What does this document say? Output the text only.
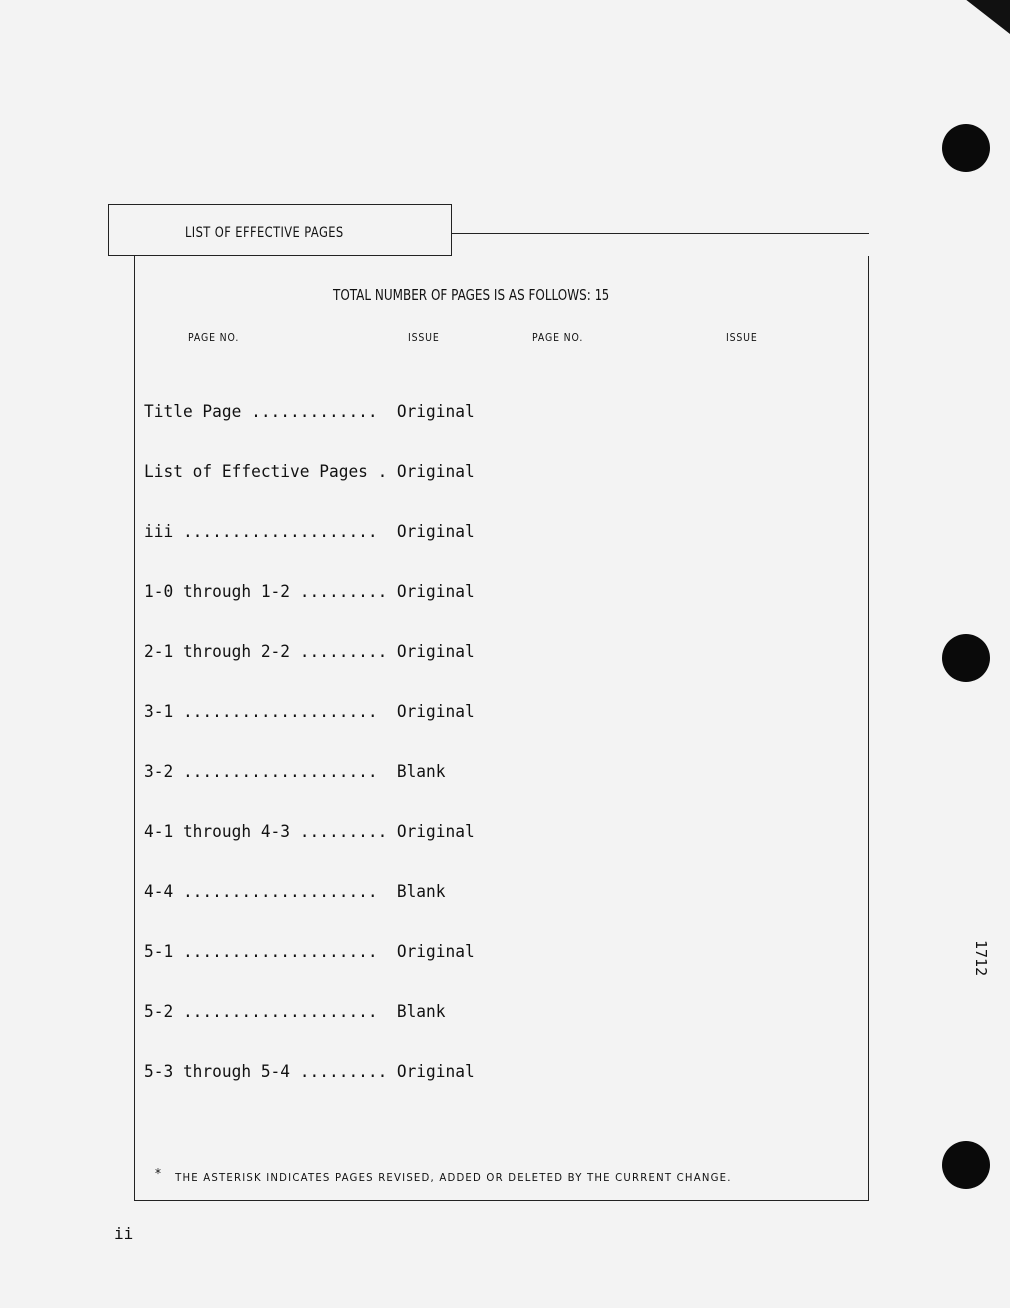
LIST OF EFFECTIVE PAGES
TOTAL NUMBER OF PAGES IS AS FOLLOWS: 15
PAGE NO.	ISSUE	PAGE NO.	ISSUE

Title Page ............. Original

List of Effective Pages . Original

iii .................... Original

1-0 through 1-2 ......... Original

2-1 through 2-2 ......... Original

3-1 .................... Original

3-2 .................... Blank

4-1 through 4-3 ......... Original

4-4 .................... Blank

5-1 .................... Original

5-2 .................... Blank

5-3 through 5-4 ......... Original

* THE ASTERISK INDICATES PAGES REVISED, ADDED OR DELETED BY THE CURRENT CHANGE.
ii
1712
